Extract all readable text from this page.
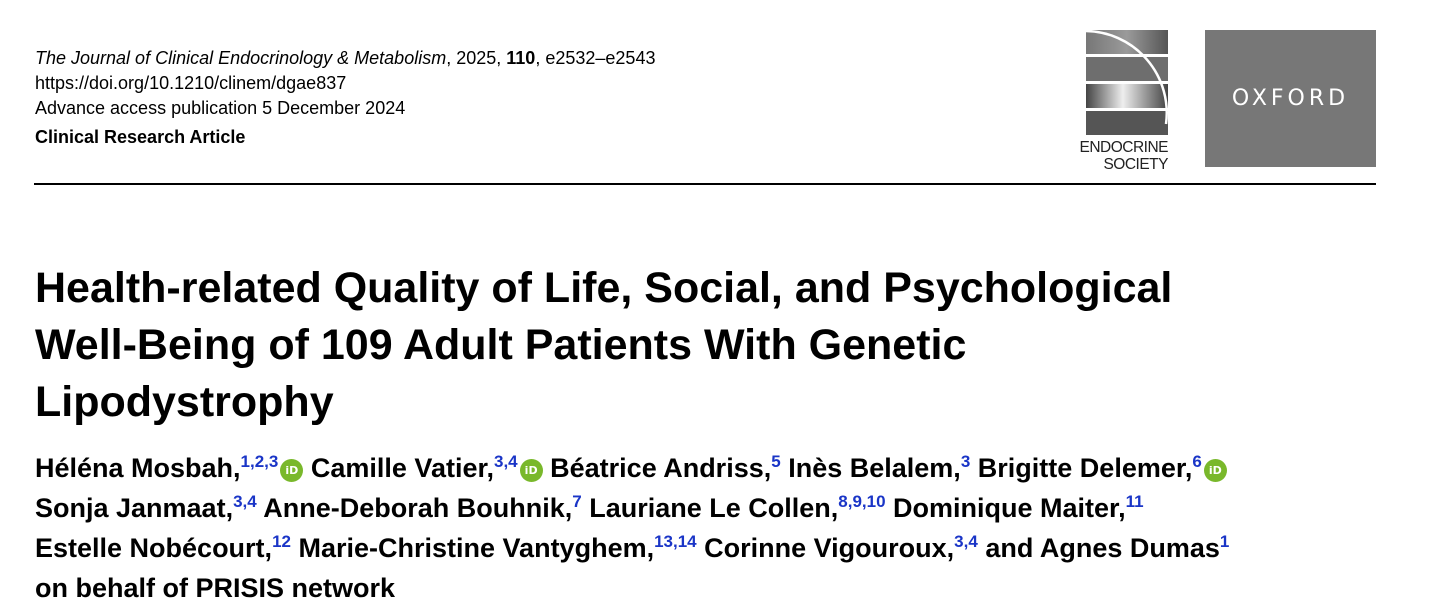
The Journal of Clinical Endocrinology & Metabolism, 2025, 110, e2532–e2543
https://doi.org/10.1210/clinem/dgae837
Advance access publication 5 December 2024
Clinical Research Article
ENDOCRINE
SOCIETY
OXFORD
Health-related Quality of Life, Social, and Psychological
Well-Being of 109 Adult Patients With Genetic
Lipodystrophy
Héléna Mosbah,$^{1,2,3}$ iD Camille Vatier,$^{3,4}$ iD Béatrice Andriss,$^5$ Inès Belalem,$^3$ Brigitte Delemer,$^6$ iD
Sonja Janmaat,$^{3,4}$ Anne-Deborah Bouhnik,$^7$ Lauriane Le Collen,$^{8,9,10}$ Dominique Maiter,$^{11}$
Estelle Nobécourt,$^{12}$ Marie-Christine Vantyghem,$^{13,14}$ Corinne Vigouroux,$^{3,4}$ and Agnes Dumas$^1$
on behalf of PRISIS network
